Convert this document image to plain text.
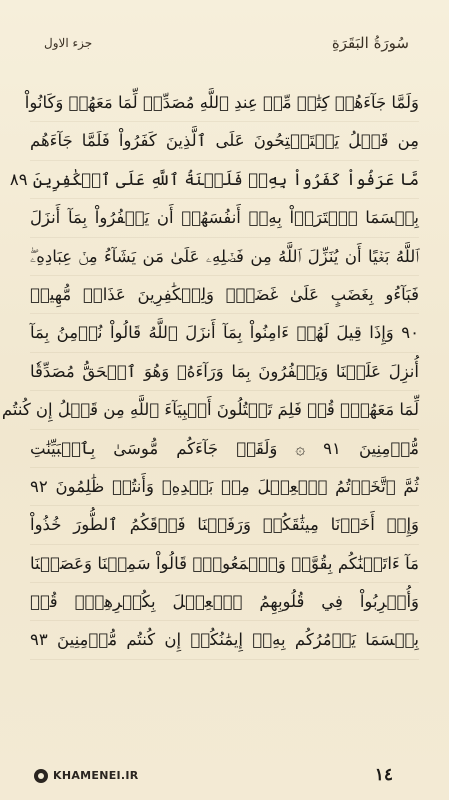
سُورَةُ البَقَرَةِ
جزء الاول
وَلَمَّا جَآءَهُمۡ كِتَٰبٞ مِّنۡ عِندِ ٱللَّهِ مُصَدِّقٞ لِّمَا مَعَهُمۡ وَكَانُواْ
مِن قَبۡلُ يَسۡتَفۡتِحُونَ عَلَى ٱلَّذِينَ كَفَرُواْ فَلَمَّا جَآءَهُم
مَّا عَرَفُواْ كَفَرُواْ بِهِۦۚ فَلَعۡنَةُ ٱللَّهِ عَلَى ٱلۡكَٰفِرِينَ ٨٩
بِئۡسَمَا ٱشۡتَرَوۡاْ بِهِۦٓ أَنفُسَهُمۡ أَن يَكۡفُرُواْ بِمَآ أَنزَلَ
ٱللَّهُ بَغۡيًا أَن يُنَزِّلَ ٱللَّهُ مِن فَضۡلِهِۦ عَلَىٰ مَن يَشَآءُ مِنۡ عِبَادِهِۦۖ
فَبَآءُو بِغَضَبٍ عَلَىٰ غَضَبٖۚ وَلِلۡكَٰفِرِينَ عَذَابٞ مُّهِينٞ
٩٠ وَإِذَا قِيلَ لَهُمۡ ءَامِنُواْ بِمَآ أَنزَلَ ٱللَّهُ قَالُواْ نُؤۡمِنُ بِمَآ
أُنزِلَ عَلَيۡنَا وَيَكۡفُرُونَ بِمَا وَرَآءَهُۥ وَهُوَ ٱلۡحَقُّ مُصَدِّقٗا
لِّمَا مَعَهُمۡۗ قُلۡ فَلِمَ تَقۡتُلُونَ أَنۢبِيَآءَ ٱللَّهِ مِن قَبۡلُ إِن كُنتُم
مُّؤۡمِنِينَ ٩١ ۞ وَلَقَدۡ جَآءَكُم مُّوسَىٰ بِٱلۡبَيِّنَٰتِ
ثُمَّ ٱتَّخَذۡتُمُ ٱلۡعِجۡلَ مِنۢ بَعۡدِهِۦ وَأَنتُمۡ ظَٰلِمُونَ ٩٢
وَإِذۡ أَخَذۡنَا مِيثَٰقَكُمۡ وَرَفَعۡنَا فَوۡقَكُمُ ٱلطُّورَ خُذُواْ
مَآ ءَاتَيۡنَٰكُم بِقُوَّةٖ وَٱسۡمَعُواْۖ قَالُواْ سَمِعۡنَا وَعَصَيۡنَا
وَأُشۡرِبُواْ فِي قُلُوبِهِمُ ٱلۡعِجۡلَ بِكُفۡرِهِمۡۚ قُلۡ
بِئۡسَمَا يَأۡمُرُكُم بِهِۦٓ إِيمَٰنُكُمۡ إِن كُنتُم مُّؤۡمِنِينَ ٩٣
KHAMENEI.IR	١٤
